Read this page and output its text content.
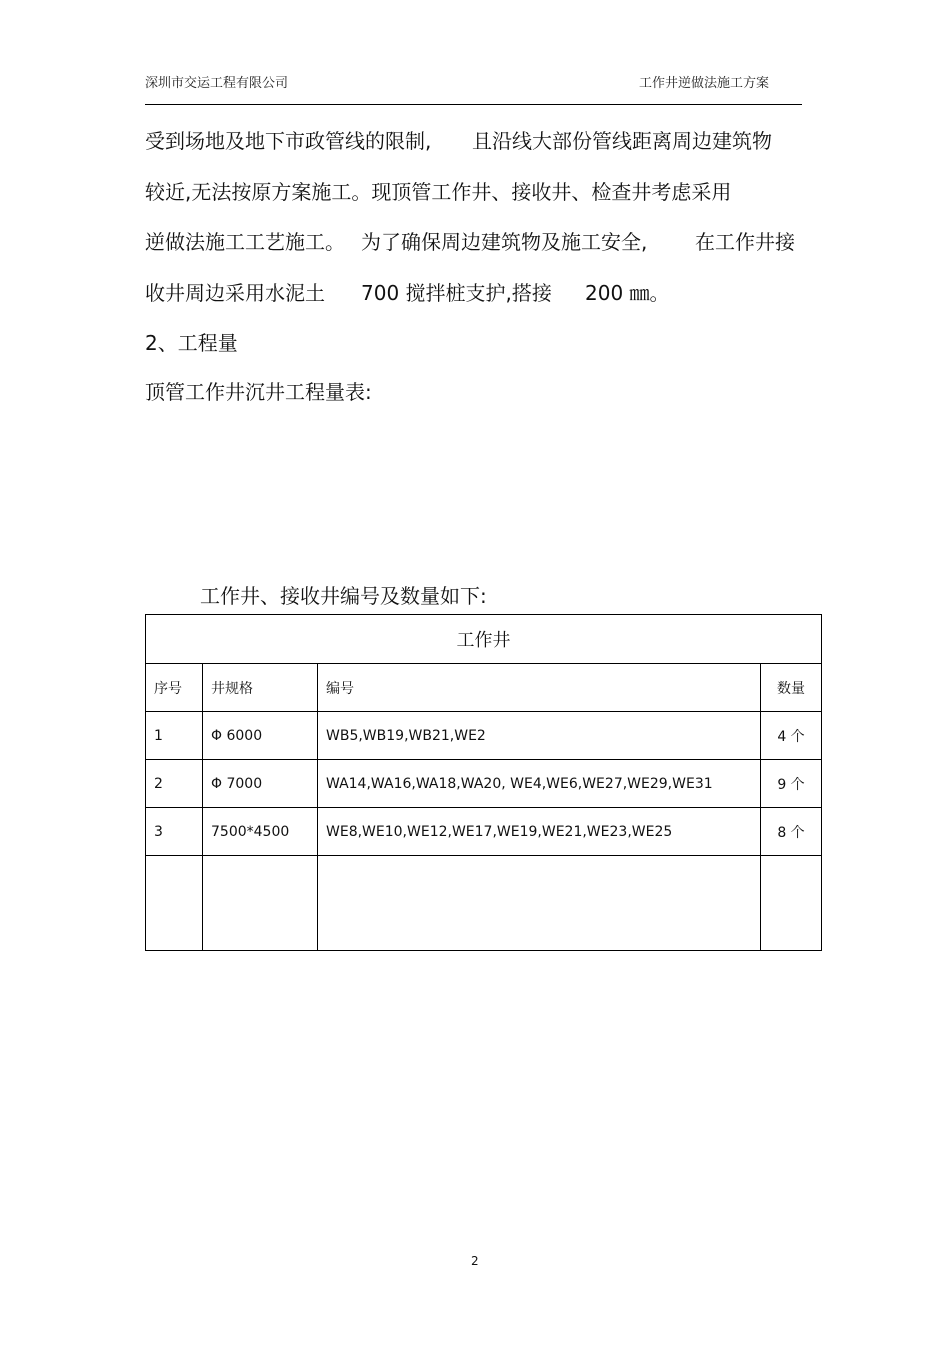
深圳市交运工程有限公司	工作井逆做法施工方案
受到场地及地下市政管线的限制, 且沿线大部份管线距离周边建筑物
较近,无法按原方案施工。现顶管工作井、接收井、检查井考虑采用
逆做法施工工艺施工。 为了确保周边建筑物及施工安全, 在工作井接
收井周边采用水泥土 700 搅拌桩支护,搭接 200 ㎜。
2、工程量
顶管工作井沉井工程量表:
工作井、接收井编号及数量如下:
工作井			
序号	井规格	编号	数量
1	Φ 6000	WB5,WB19,WB21,WE2	4 个
2	Φ 7000	WA14,WA16,WA18,WA20, WE4,WE6,WE27,WE29,WE31	9 个
3	7500*4500	WE8,WE10,WE12,WE17,WE19,WE21,WE23,WE25	8 个

2
